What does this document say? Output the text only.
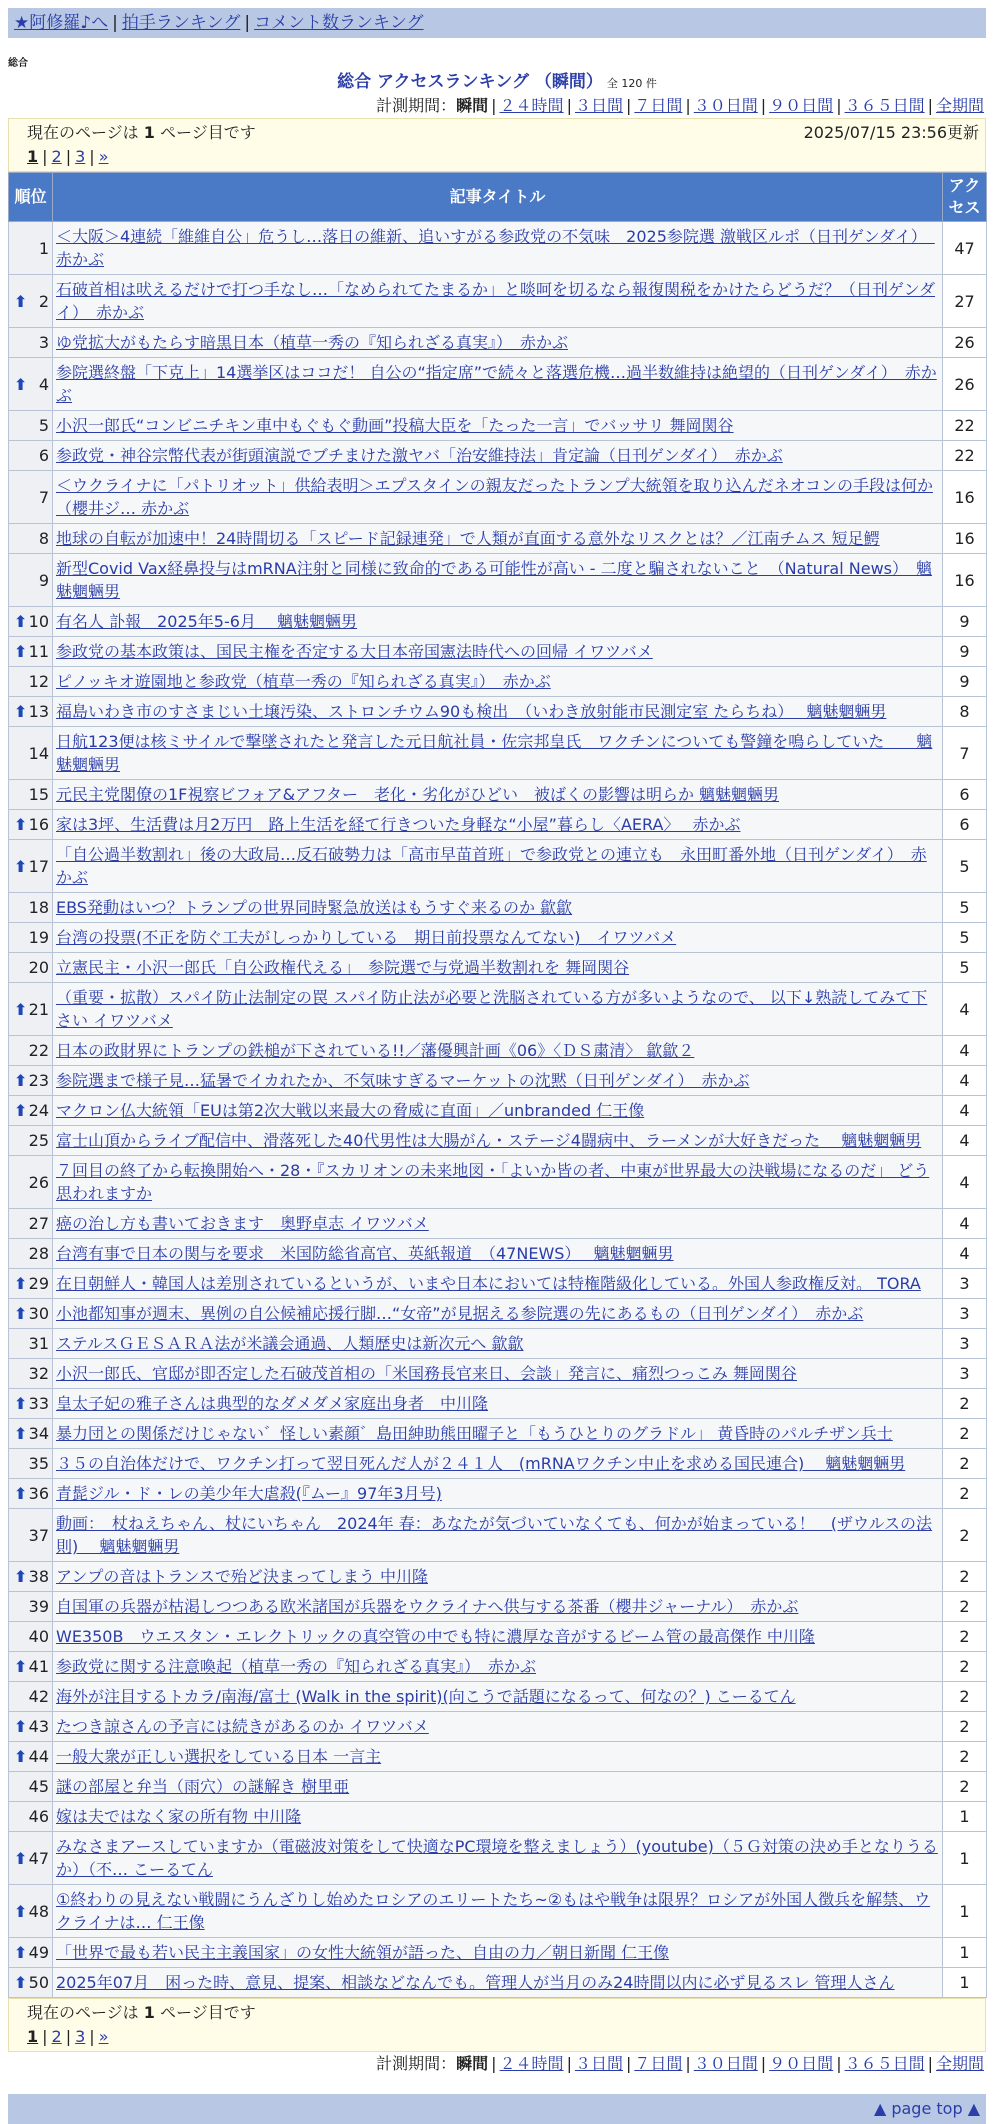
★阿修羅♪へ | 拍手ランキング | コメント数ランキング
総合
総合 アクセスランキング （瞬間） 全 120 件
計測期間：瞬間 | ２４時間 | ３日間 | ７日間 | ３０日間 | ９０日間 | ３６５日間 | 全期間
現在のページは 1 ページ目です	2025/07/15 23:56更新
1 | 2 | 3 | »
順位	記事タイトル	アクセス
1	＜大阪＞4連続「維維自公」危うし…落日の維新、追いすがる参政党の不気味　2025参院選 激戦区ルポ（日刊ゲンダイ）　赤かぶ	47

⬆ 2	石破首相は吠えるだけで打つ手なし…「なめられてたまるか」と啖呵を切るなら報復関税をかけたらどうだ？（日刊ゲンダイ）　赤かぶ	27
3	ゆ党拡大がもたらす暗黒日本（植草一秀の『知られざる真実』）　赤かぶ	26

⬆ 4	参院選終盤「下克上」14選挙区はココだ！ 自公の“指定席”で続々と落選危機…過半数維持は絶望的（日刊ゲンダイ）　赤かぶ	26
5	小沢一郎氏“コンビニチキン車中もぐもぐ動画”投稿大臣を「たった一言」でバッサリ 舞岡関谷	22
6	参政党・神谷宗幣代表が街頭演説でブチまけた激ヤバ「治安維持法」肯定論（日刊ゲンダイ）　赤かぶ	22
7	＜ウクライナに「パトリオット」供給表明＞エプスタインの親友だったトランプ大統領を取り込んだネオコンの手段は何か（櫻井ジ… 赤かぶ	16
8	地球の自転が加速中！24時間切る「スピード記録連発」で人類が直面する意外なリスクとは？／江南チムス 短足鰐	16
9	新型Covid Vax経鼻投与はmRNA注射と同様に致命的である可能性が高い - 二度と騙されないこと　（Natural News）　魑魅魍魎男	16

⬆ 10	有名人 訃報　2025年5-6月　 魑魅魍魎男	9

⬆ 11	参政党の基本政策は、国民主権を否定する大日本帝国憲法時代への回帰 イワツバメ	9
12	ピノッキオ遊園地と参政党（植草一秀の『知られざる真実』）　赤かぶ	9

⬆ 13	福島いわき市のすさまじい土壌汚染、ストロンチウム90も検出　（いわき放射能市民測定室 たらちね）　 魑魅魍魎男	8
14	日航123便は核ミサイルで撃墜されたと発言した元日航社員・佐宗邦皇氏　ワクチンについても警鐘を鳴らしていた　　魑魅魍魎男	7
15	元民主党閣僚の1F視察ビフォア&アフター　老化・劣化がひどい　被ばくの影響は明らか 魑魅魍魎男	6

⬆ 16	家は3坪、生活費は月2万円　路上生活を経て行きついた身軽な“小屋”暮らし〈AERA〉　 赤かぶ	6

⬆ 17	「自公過半数割れ」後の大政局…反石破勢力は「高市早苗首班」で参政党との連立も　永田町番外地（日刊ゲンダイ）　赤かぶ	5
18	EBS発動はいつ？トランプの世界同時緊急放送はもうすぐ来るのか 歙歙	5
19	台湾の投票(不正を防ぐ工夫がしっかりしている　期日前投票なんてない)　イワツバメ	5
20	立憲民主・小沢一郎氏「自公政権代える」　参院選で与党過半数割れを 舞岡関谷	5

⬆ 21	（重要・拡散）スパイ防止法制定の罠 スパイ防止法が必要と洗脳されている方が多いようなので、 以下↓熟読してみて下さい イワツバメ	4
22	日本の政財界にトランプの鉄槌が下されている!!／藩優興計画《06》〈ＤＳ粛清〉 歙歙２	4

⬆ 23	参院選まで様子見…猛暑でイカれたか、不気味すぎるマーケットの沈黙（日刊ゲンダイ）　赤かぶ	4

⬆ 24	マクロン仏大統領「EUは第2次大戦以来最大の脅威に直面」／unbranded 仁王像	4
25	富士山頂からライブ配信中、滑落死した40代男性は大腸がん・ステージ4闘病中、ラーメンが大好きだった　 魑魅魍魎男	4
26	７回目の終了から転換開始へ・28・『スカリオンの未来地図・「よいか皆の者、中東が世界最大の決戦場になるのだ」 どう思われますか	4
27	癌の治し方も書いておきます　奥野卓志 イワツバメ	4
28	台湾有事で日本の関与を要求　米国防総省高官、英紙報道　（47NEWS）　 魑魅魍魎男	4

⬆ 29	在日朝鮮人・韓国人は差別されているというが、いまや日本においては特権階級化している。外国人参政権反対。 TORA	3

⬆ 30	小池都知事が週末、異例の自公候補応援行脚…“女帝”が見据える参院選の先にあるもの（日刊ゲンダイ）　赤かぶ	3
31	ステルスＧＥＳＡＲＡ法が米議会通過、人類歴史は新次元へ 歙歙	3
32	小沢一郎氏、官邸が即否定した石破茂首相の「米国務長官来日、会談」発言に、痛烈つっこみ 舞岡関谷	3

⬆ 33	皇太子妃の雅子さんは典型的なダメダメ家庭出身者　中川隆	2

⬆ 34	暴力団との関係だけじゃない゛怪しい素顔゛島田紳助熊田曜子と「もうひとりのグラドル」 黄昏時のパルチザン兵士	2
35	３５の自治体だけで、ワクチン打って翌日死んだ人が２４１人　(mRNAワクチン中止を求める国民連合)　 魑魅魍魎男	2

⬆ 36	青髭ジル・ド・レの美少年大虐殺(『ムー』97年3月号)	2
37	動画：　杖ねえちゃん、杖にいちゃん　2024年 春：あなたが気づいていなくても、何かが始まっている！　(ザウルスの法則)　 魑魅魍魎男	2

⬆ 38	アンプの音はトランスで殆ど決まってしまう 中川隆	2
39	自国軍の兵器が枯渇しつつある欧米諸国が兵器をウクライナへ供与する茶番（櫻井ジャーナル）　赤かぶ	2
40	WE350B　ウエスタン・エレクトリックの真空管の中でも特に濃厚な音がするビーム管の最高傑作 中川隆	2

⬆ 41	参政党に関する注意喚起（植草一秀の『知られざる真実』）　赤かぶ	2
42	海外が注目するトカラ/南海/富士 (Walk in the spirit)(向こうで話題になるって、何なの？) こーるてん	2

⬆ 43	たつき諒さんの予言には続きがあるのか イワツバメ	2

⬆ 44	一般大衆が正しい選択をしている日本 一言主	2
45	謎の部屋と弁当（雨穴）の謎解き 樹里亜	2
46	嫁は夫ではなく家の所有物 中川隆	1

⬆ 47	みなさまアースしていますか（電磁波対策をして快適なPC環境を整えましょう）(youtube)（５Ｇ対策の決め手となりうるか）（不… こーるてん	1

⬆ 48	①終わりの見えない戦闘にうんざりし始めたロシアのエリートたち~②もはや戦争は限界？ロシアが外国人徴兵を解禁、ウクライナは… 仁王像	1

⬆ 49	「世界で最も若い民主主義国家」の女性大統領が語った、自由の力／朝日新聞 仁王像	1

⬆ 50	2025年07月　困った時、意見、提案、相談などなんでも。管理人が当月のみ24時間以内に必ず見るスレ 管理人さん	1
現在のページは 1 ページ目です
1 | 2 | 3 | »
計測期間：瞬間 | ２４時間 | ３日間 | ７日間 | ３０日間 | ９０日間 | ３６５日間 | 全期間
▲ page top ▲
